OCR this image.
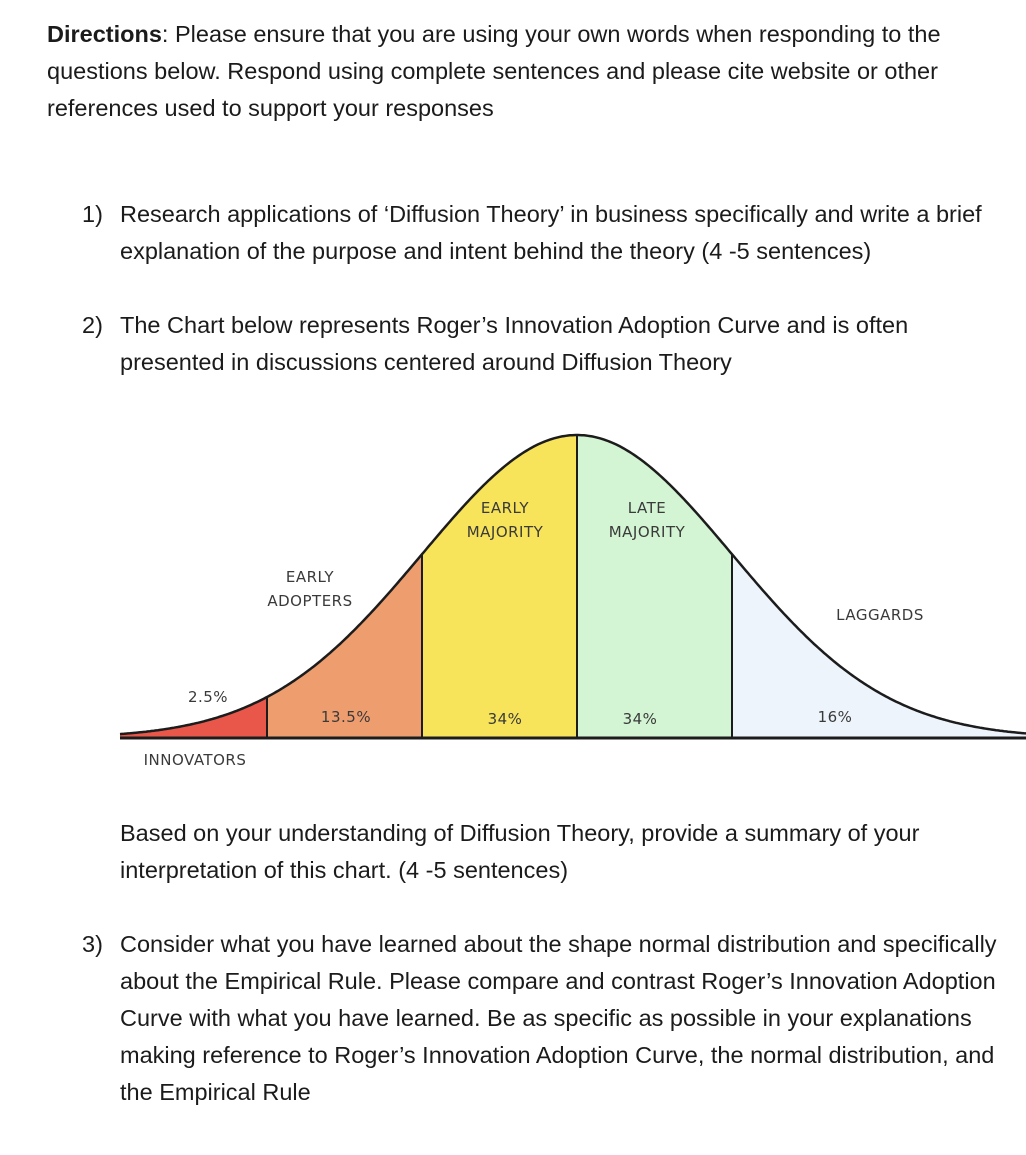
Directions: Please ensure that you are using your own words when responding to the questions below. Respond using complete sentences and please cite website or other references used to support your responses

1) Research applications of ‘Diffusion Theory’ in business specifically and write a brief explanation of the purpose and intent behind the theory (4 -5 sentences)
2) The Chart below represents Roger’s Innovation Adoption Curve and is often presented in discussions centered around Diffusion Theory
INNOVATORS
EARLY
ADOPTERS
EARLY
MAJORITY
LATE
MAJORITY
LAGGARDS
2.5%
13.5%	34%	34%	16%
Based on your understanding of Diffusion Theory, provide a summary of your interpretation of this chart. (4 -5 sentences)
3) Consider what you have learned about the shape normal distribution and specifically about the Empirical Rule. Please compare and contrast Roger’s Innovation Adoption Curve with what you have learned. Be as specific as possible in your explanations making reference to Roger’s Innovation Adoption Curve, the normal distribution, and the Empirical Rule
